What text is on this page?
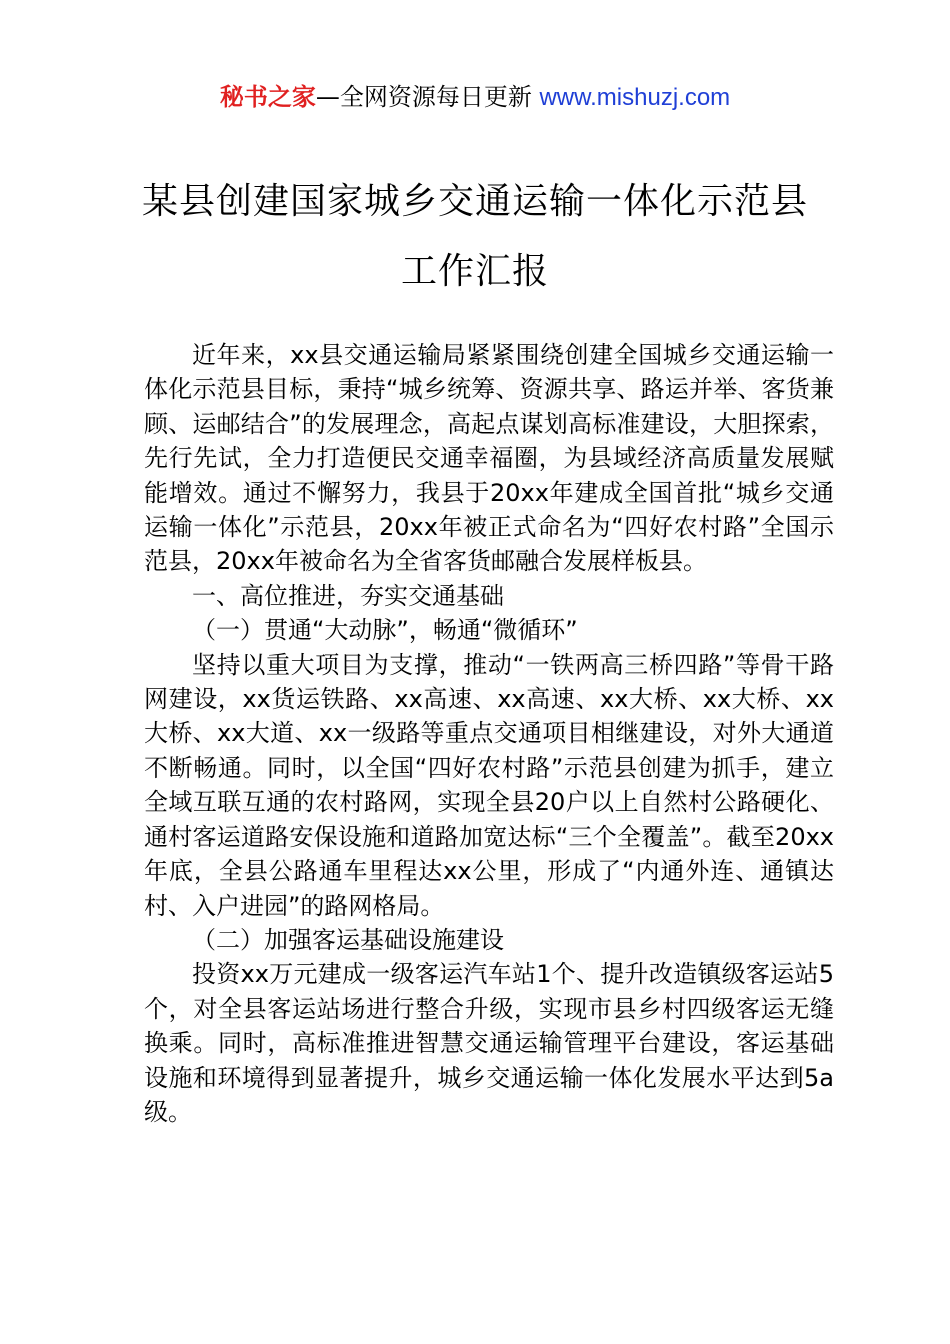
秘书之家—全网资源每日更新 www.mishuzj.com
某县创建国家城乡交通运输一体化示范县
工作汇报

近年来，xx县交通运输局紧紧围绕创建全国城乡交通运输一体化示范县目标，秉持“城乡统筹、资源共享、路运并举、客货兼顾、运邮结合”的发展理念，高起点谋划高标准建设，大胆探索，先行先试，全力打造便民交通幸福圈，为县域经济高质量发展赋能增效。通过不懈努力，我县于20xx年建成全国首批“城乡交通运输一体化”示范县，20xx年被正式命名为“四好农村路”全国示范县，20xx年被命名为全省客货邮融合发展样板县。

一、高位推进，夯实交通基础

（一）贯通“大动脉”，畅通“微循环”

坚持以重大项目为支撑，推动“一铁两高三桥四路”等骨干路网建设，xx货运铁路、xx高速、xx高速、xx大桥、xx大桥、xx大桥、xx大道、xx一级路等重点交通项目相继建设，对外大通道不断畅通。同时，以全国“四好农村路”示范县创建为抓手，建立全域互联互通的农村路网，实现全县20户以上自然村公路硬化、通村客运道路安保设施和道路加宽达标“三个全覆盖”。截至20xx年底，全县公路通车里程达xx公里，形成了“内通外连、通镇达村、入户进园”的路网格局。

（二）加强客运基础设施建设

投资xx万元建成一级客运汽车站1个、提升改造镇级客运站5个，对全县客运站场进行整合升级，实现市县乡村四级客运无缝换乘。同时，高标准推进智慧交通运输管理平台建设，客运基础设施和环境得到显著提升，城乡交通运输一体化发展水平达到5a级。
